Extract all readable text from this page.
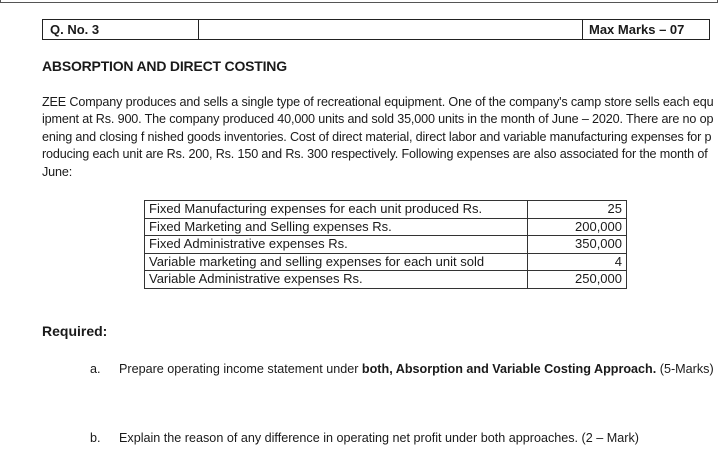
Q. No. 3	Max Marks – 07
ABSORPTION AND DIRECT COSTING
ZEE Company produces and sells a single type of recreational equipment. One of the company's camp store sells each equipment at Rs. 900. The company produced 40,000 units and sold 35,000 units in the month of June – 2020. There are no opening and closing f nished goods inventories. Cost of direct material, direct labor and variable manufacturing expenses for producing each unit are Rs. 200, Rs. 150 and Rs. 300 respectively. Following expenses are also associated for the month of June:
Fixed Manufacturing expenses for each unit produced Rs.	25
Fixed Marketing and Selling expenses Rs.	200,000
Fixed Administrative expenses Rs.	350,000
Variable marketing and selling expenses for each unit sold	4
Variable Administrative expenses Rs.	250,000
Required:
a. Prepare operating income statement under both, Absorption and Variable Costing Approach. (5-Marks)
b. Explain the reason of any difference in operating net profit under both approaches. (2 – Mark)
